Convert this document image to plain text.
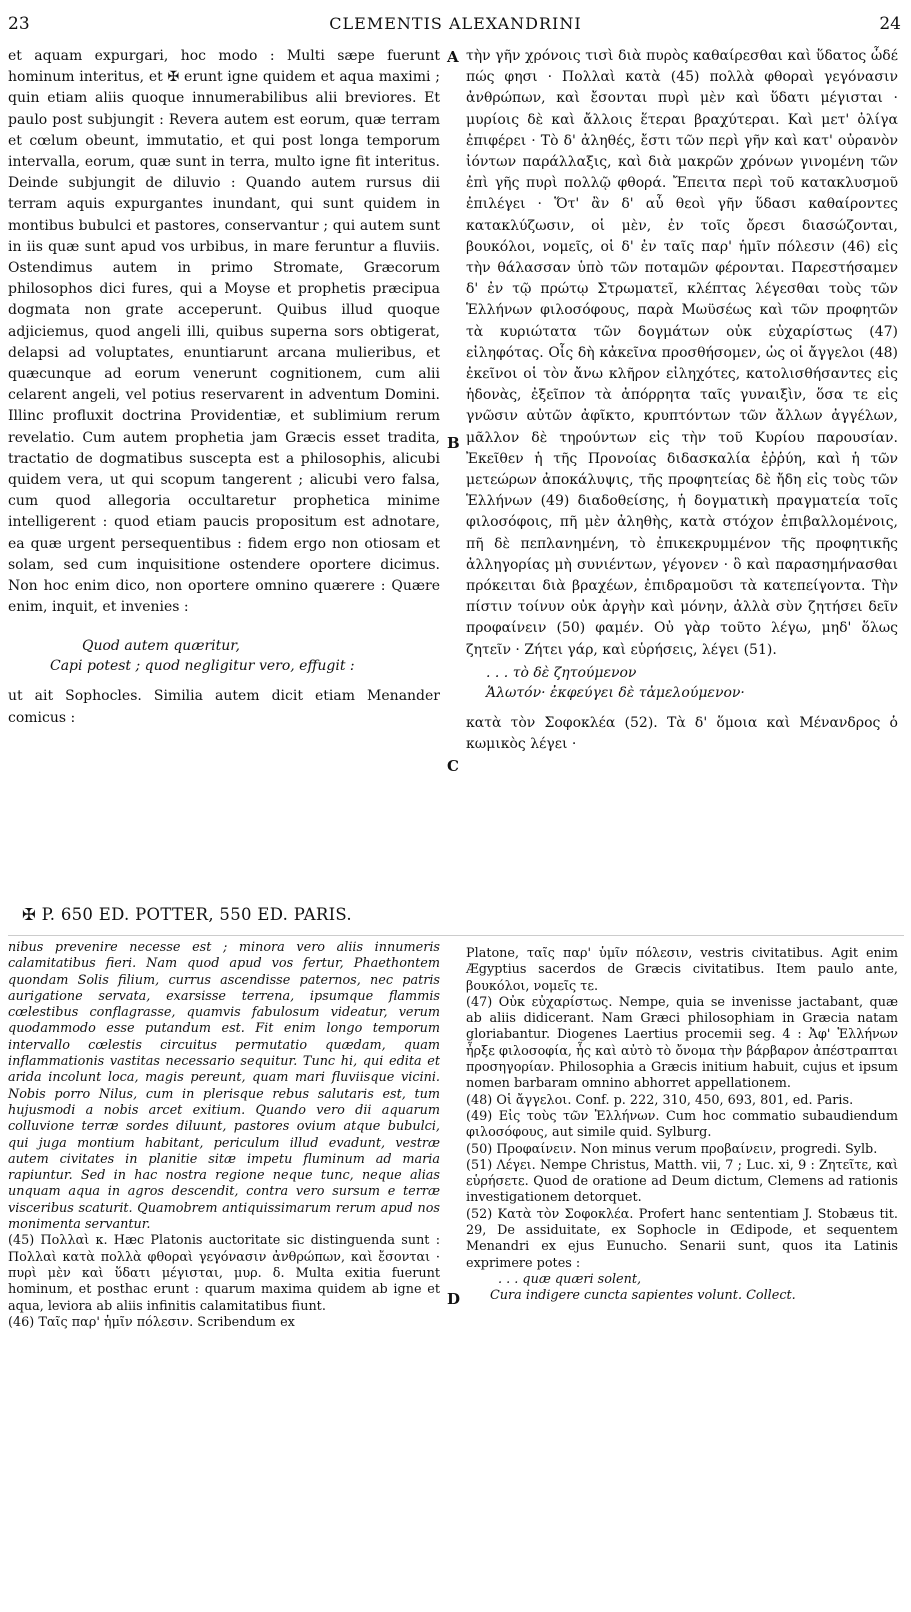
23	CLEMENTIS ALEXANDRINI	24
A
B
C
D

et aquam expurgari, hoc modo : Multi sæpe fuerunt hominum interitus, et ✠ erunt igne quidem et aqua maximi ; quin etiam aliis quoque innumerabilibus alii breviores. Et paulo post subjungit : Revera autem est eorum, quæ terram et cœlum obeunt, immutatio, et qui post longa temporum intervalla, eorum, quæ sunt in terra, multo igne fit interitus. Deinde subjungit de diluvio : Quando autem rursus dii terram aquis expurgantes inundant, qui sunt quidem in montibus bubulci et pastores, conservantur ; qui autem sunt in iis quæ sunt apud vos urbibus, in mare feruntur a fluviis. Ostendimus autem in primo Stromate, Græcorum philosophos dici fures, qui a Moyse et prophetis præcipua dogmata non grate acceperunt. Quibus illud quoque adjiciemus, quod angeli illi, quibus superna sors obtigerat, delapsi ad voluptates, enuntiarunt arcana mulieribus, et quæcunque ad eorum venerunt cognitionem, cum alii celarent angeli, vel potius reservarent in adventum Domini. Illinc profluxit doctrina Providentiæ, et sublimium rerum revelatio. Cum autem prophetia jam Græcis esset tradita, tractatio de dogmatibus suscepta est a philosophis, alicubi quidem vera, ut qui scopum tangerent ; alicubi vero falsa, cum quod allegoria occultaretur prophetica minime intelligerent : quod etiam paucis propositum est adnotare, ea quæ urgent persequentibus : fidem ergo non otiosam et solam, sed cum inquisitione ostendere oportere dicimus. Non hoc enim dico, non oportere omnino quærere : Quære enim, inquit, et invenies :

Quod autem quæritur,
Capi potest ; quod negligitur vero, effugit :

ut ait Sophocles. Similia autem dicit etiam Menander comicus :

τὴν γῆν χρόνοις τισὶ διὰ πυρὸς καθαίρεσθαι καὶ ὕδατος ὧδέ πώς φησι · Πολλαὶ κατὰ (45) πολλὰ φθοραὶ γεγόνασιν ἀνθρώπων, καὶ ἔσονται πυρὶ μὲν καὶ ὕδατι μέγισται · μυρίοις δὲ καὶ ἄλλοις ἕτεραι βραχύτεραι. Καὶ μετ' ὀλίγα ἐπιφέρει · Τὸ δ' ἀληθές, ἔστι τῶν περὶ γῆν καὶ κατ' οὐρανὸν ἰόντων παράλλαξις, καὶ διὰ μακρῶν χρόνων γινομένη τῶν ἐπὶ γῆς πυρὶ πολλῷ φθορά. Ἔπειτα περὶ τοῦ κατακλυσμοῦ ἐπιλέγει · Ὅτ' ἂν δ' αὖ θεοὶ γῆν ὕδασι καθαίροντες κατακλύζωσιν, οἱ μὲν, ἐν τοῖς ὄρεσι διασώζονται, βουκόλοι, νομεῖς, οἱ δ' ἐν ταῖς παρ' ἡμῖν πόλεσιν (46) εἰς τὴν θάλασσαν ὑπὸ τῶν ποταμῶν φέρονται. Παρεστήσαμεν δ' ἐν τῷ πρώτῳ Στρωματεῖ, κλέπτας λέγεσθαι τοὺς τῶν Ἑλλήνων φιλοσόφους, παρὰ Μωϋσέως καὶ τῶν προφητῶν τὰ κυριώτατα τῶν δογμάτων οὐκ εὐχαρίστως (47) εἰληφότας. Οἷς δὴ κἀκεῖνα προσθήσομεν, ὡς οἱ ἄγγελοι (48) ἐκεῖνοι οἱ τὸν ἄνω κλῆρον εἰληχότες, κατολισθήσαντες εἰς ἡδονὰς, ἐξεῖπον τὰ ἀπόρρητα ταῖς γυναιξὶν, ὅσα τε εἰς γνῶσιν αὐτῶν ἀφῖκτο, κρυπτόντων τῶν ἄλλων ἀγγέλων, μᾶλλον δὲ τηρούντων εἰς τὴν τοῦ Κυρίου παρουσίαν. Ἐκεῖθεν ἡ τῆς Προνοίας διδασκαλία ἐῤῥύη, καὶ ἡ τῶν μετεώρων ἀποκάλυψις, τῆς προφητείας δὲ ἤδη εἰς τοὺς τῶν Ἑλλήνων (49) διαδοθείσης, ἡ δογματικὴ πραγματεία τοῖς φιλοσόφοις, πῆ μὲν ἀληθὴς, κατὰ στόχον ἐπιβαλλομένοις, πῆ δὲ πεπλανημένη, τὸ ἐπικεκρυμμένον τῆς προφητικῆς ἀλληγορίας μὴ συνιέντων, γέγονεν · ὃ καὶ παρασημήνασθαι πρόκειται διὰ βραχέων, ἐπιδραμοῦσι τὰ κατεπείγοντα. Τὴν πίστιν τοίνυν οὐκ ἀργὴν καὶ μόνην, ἀλλὰ σὺν ζητήσει δεῖν προφαίνειν (50) φαμέν. Οὐ γὰρ τοῦτο λέγω, μηδ' ὅλως ζητεῖν · Ζήτει γάρ, καὶ εὑρήσεις, λέγει (51).

. . . τὸ δὲ ζητούμενον
Ἁλωτόν· ἐκφεύγει δὲ τἀμελούμενον·

κατὰ τὸν Σοφοκλέα (52). Τὰ δ' ὅμοια καὶ Μένανδρος ὁ κωμικὸς λέγει ·

✠ P. 650 ED. POTTER, 550 ED. PARIS.

nibus prevenire necesse est ; minora vero aliis innumeris calamitatibus fieri. Nam quod apud vos fertur, Phaethontem quondam Solis filium, currus ascendisse paternos, nec patris aurigatione servata, exarsisse terrena, ipsumque flammis cœlestibus conflagrasse, quamvis fabulosum videatur, verum quodammodo esse putandum est. Fit enim longo temporum intervallo cœlestis circuitus permutatio quædam, quam inflammationis vastitas necessario sequitur. Tunc hi, qui edita et arida incolunt loca, magis pereunt, quam mari fluviisque vicini. Nobis porro Nilus, cum in plerisque rebus salutaris est, tum hujusmodi a nobis arcet exitium. Quando vero dii aquarum colluvione terræ sordes diluunt, pastores ovium atque bubulci, qui juga montium habitant, periculum illud evadunt, vestræ autem civitates in planitie sitæ impetu fluminum ad maria rapiuntur. Sed in hac nostra regione neque tunc, neque alias unquam aqua in agros descendit, contra vero sursum e terræ visceribus scaturit. Quamobrem antiquissimarum rerum apud nos monimenta servantur.

(45) Πολλαὶ κ. Hæc Platonis auctoritate sic distinguenda sunt : Πολλαὶ κατὰ πολλὰ φθοραὶ γεγόνασιν ἀνθρώπων, καὶ ἔσονται · πυρὶ μὲν καὶ ὕδατι μέγισται, μυρ. δ. Multa exitia fuerunt hominum, et posthac erunt : quarum maxima quidem ab igne et aqua, leviora ab aliis infinitis calamitatibus fiunt.

(46) Ταῖς παρ' ἡμῖν πόλεσιν. Scribendum ex

Platone, ταῖς παρ' ὑμῖν πόλεσιν, vestris civitatibus. Agit enim Ægyptius sacerdos de Græcis civitatibus. Item paulo ante, βουκόλοι, νομεῖς τε.

(47) Οὐκ εὐχαρίστως. Nempe, quia se invenisse jactabant, quæ ab aliis didicerant. Nam Græci philosophiam in Græcia natam gloriabantur. Diogenes Laertius procemii seg. 4 : Ἀφ' Ἑλλήνων ἦρξε φιλοσοφία, ἧς καὶ αὐτὸ τὸ ὄνομα τὴν βάρβαρον ἀπέστραπται προσηγορίαν. Philosophia a Græcis initium habuit, cujus et ipsum nomen barbaram omnino abhorret appellationem.

(48) Οἱ ἄγγελοι. Conf. p. 222, 310, 450, 693, 801, ed. Paris.

(49) Εἰς τοὺς τῶν Ἑλλήνων. Cum hoc commatio subaudiendum φιλοσόφους, aut simile quid. Sylburg.

(50) Προφαίνειν. Non minus verum προβαίνειν, progredi. Sylb.

(51) Λέγει. Nempe Christus, Matth. vii, 7 ; Luc. xi, 9 : Ζητεῖτε, καὶ εὑρήσετε. Quod de oratione ad Deum dictum, Clemens ad rationis investigationem detorquet.

(52) Κατὰ τὸν Σοφοκλέα. Profert hanc sententiam J. Stobæus tit. 29, De assiduitate, ex Sophocle in Œdipode, et sequentem Menandri ex ejus Eunucho. Senarii sunt, quos ita Latinis exprimere potes :

. . . quæ quæri solent,

Cura indigere cuncta sapientes volunt. Collect.
